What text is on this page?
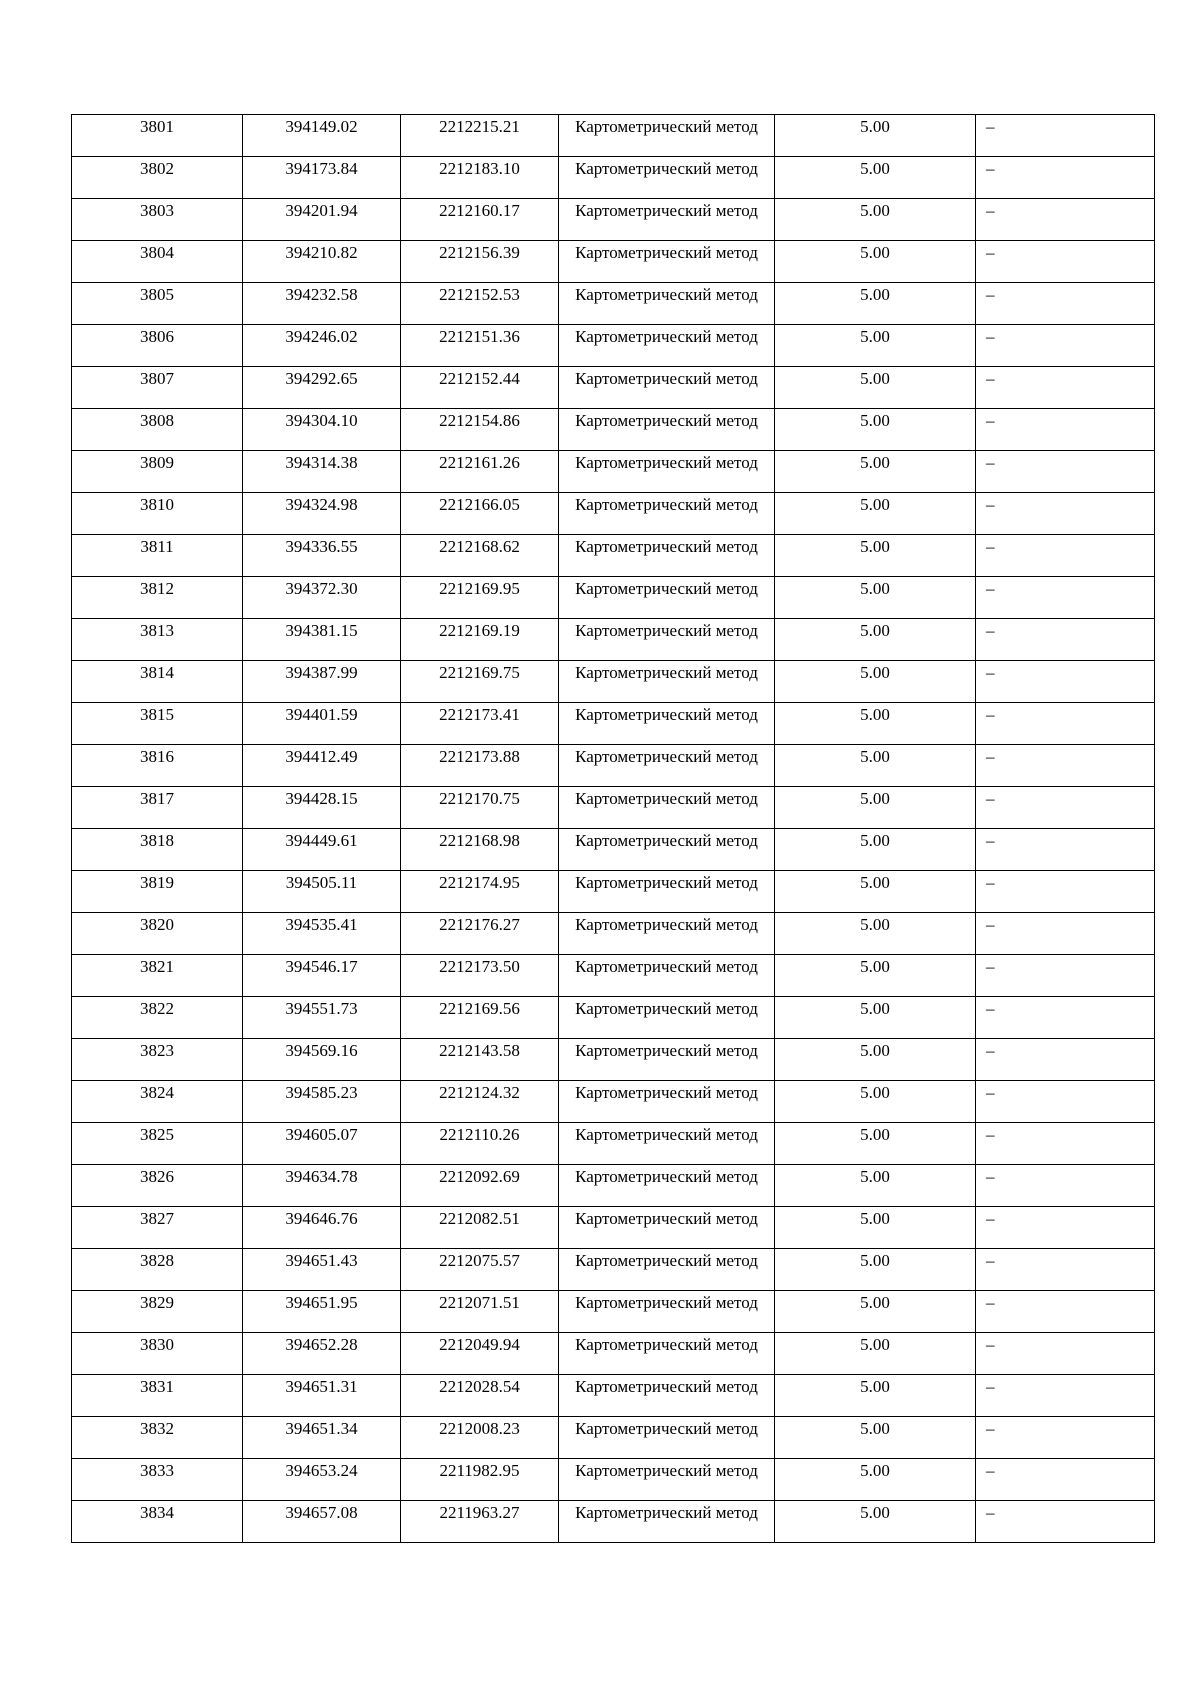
3801	394149.02	2212215.21	Картометрический метод	5.00	–
3802	394173.84	2212183.10	Картометрический метод	5.00	–
3803	394201.94	2212160.17	Картометрический метод	5.00	–
3804	394210.82	2212156.39	Картометрический метод	5.00	–
3805	394232.58	2212152.53	Картометрический метод	5.00	–
3806	394246.02	2212151.36	Картометрический метод	5.00	–
3807	394292.65	2212152.44	Картометрический метод	5.00	–
3808	394304.10	2212154.86	Картометрический метод	5.00	–
3809	394314.38	2212161.26	Картометрический метод	5.00	–
3810	394324.98	2212166.05	Картометрический метод	5.00	–
3811	394336.55	2212168.62	Картометрический метод	5.00	–
3812	394372.30	2212169.95	Картометрический метод	5.00	–
3813	394381.15	2212169.19	Картометрический метод	5.00	–
3814	394387.99	2212169.75	Картометрический метод	5.00	–
3815	394401.59	2212173.41	Картометрический метод	5.00	–
3816	394412.49	2212173.88	Картометрический метод	5.00	–
3817	394428.15	2212170.75	Картометрический метод	5.00	–
3818	394449.61	2212168.98	Картометрический метод	5.00	–
3819	394505.11	2212174.95	Картометрический метод	5.00	–
3820	394535.41	2212176.27	Картометрический метод	5.00	–
3821	394546.17	2212173.50	Картометрический метод	5.00	–
3822	394551.73	2212169.56	Картометрический метод	5.00	–
3823	394569.16	2212143.58	Картометрический метод	5.00	–
3824	394585.23	2212124.32	Картометрический метод	5.00	–
3825	394605.07	2212110.26	Картометрический метод	5.00	–
3826	394634.78	2212092.69	Картометрический метод	5.00	–
3827	394646.76	2212082.51	Картометрический метод	5.00	–
3828	394651.43	2212075.57	Картометрический метод	5.00	–
3829	394651.95	2212071.51	Картометрический метод	5.00	–
3830	394652.28	2212049.94	Картометрический метод	5.00	–
3831	394651.31	2212028.54	Картометрический метод	5.00	–
3832	394651.34	2212008.23	Картометрический метод	5.00	–
3833	394653.24	2211982.95	Картометрический метод	5.00	–
3834	394657.08	2211963.27	Картометрический метод	5.00	–
